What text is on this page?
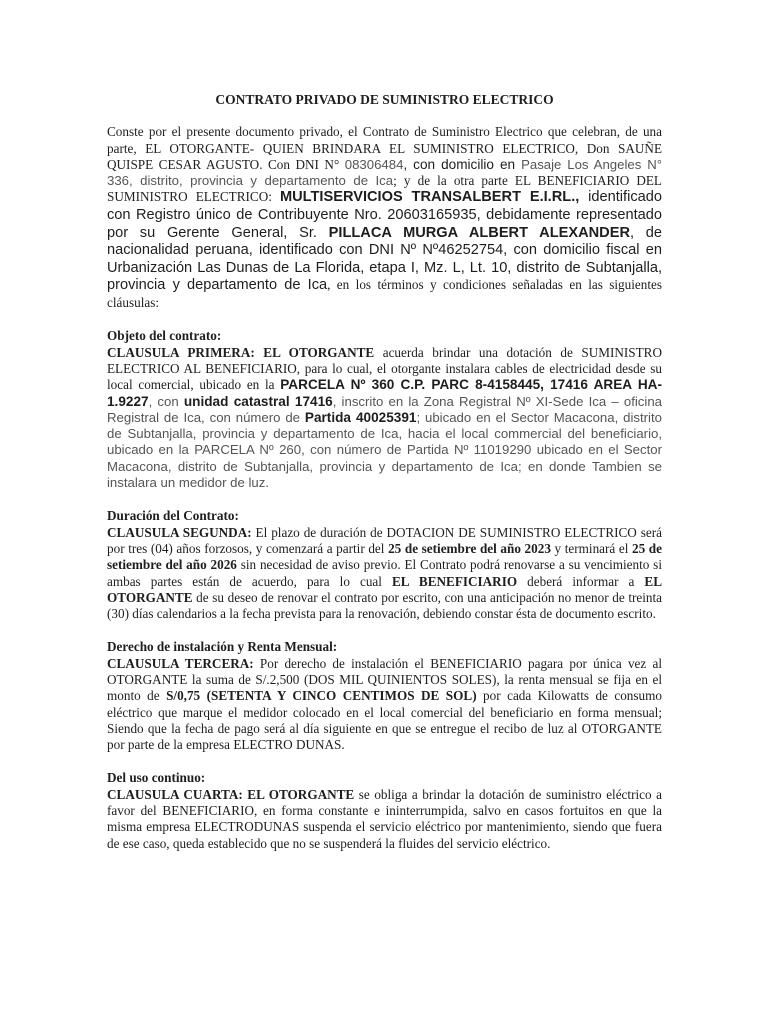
CONTRATO PRIVADO DE SUMINISTRO ELECTRICO

Conste por el presente documento privado, el Contrato de Suministro Electrico que celebran, de una parte, EL OTORGANTE- QUIEN BRINDARA EL SUMINISTRO ELECTRICO, Don SAUÑE QUISPE CESAR AGUSTO. Con DNI N° 08306484, con domicilio en Pasaje Los Angeles N° 336, distrito, provincia y departamento de Ica; y de la otra parte EL BENEFICIARIO DEL SUMINISTRO ELECTRICO: MULTISERVICIOS TRANSALBERT E.I.RL., identificado con Registro único de Contribuyente Nro. 20603165935, debidamente representado por su Gerente General, Sr. PILLACA MURGA ALBERT ALEXANDER, de nacionalidad peruana, identificado con DNI Nº Nº46252754, con domicilio fiscal en Urbanización Las Dunas de La Florida, etapa I, Mz. L, Lt. 10, distrito de Subtanjalla, provincia y departamento de Ica, en los términos y condiciones señaladas en las siguientes cláusulas:

Objeto del contrato:

CLAUSULA PRIMERA: EL OTORGANTE acuerda brindar una dotación de SUMINISTRO ELECTRICO AL BENEFICIARIO, para lo cual, el otorgante instalara cables de electricidad desde su local comercial, ubicado en la PARCELA Nº 360 C.P. PARC 8-4158445, 17416 AREA HA-1.9227, con unidad catastral 17416, inscrito en la Zona Registral Nº XI-Sede Ica – oficina Registral de Ica, con número de Partida 40025391; ubicado en el Sector Macacona, distrito de Subtanjalla, provincia y departamento de Ica, hacia el local commercial del beneficiario, ubicado en la PARCELA Nº 260, con número de Partida Nº 11019290 ubicado en el Sector Macacona, distrito de Subtanjalla, provincia y departamento de Ica; en donde Tambien se instalara un medidor de luz.

Duración del Contrato:

CLAUSULA SEGUNDA: El plazo de duración de DOTACION DE SUMINISTRO ELECTRICO será por tres (04) años forzosos, y comenzará a partir del 25 de setiembre del año 2023 y terminará el 25 de setiembre del año 2026 sin necesidad de aviso previo. El Contrato podrá renovarse a su vencimiento si ambas partes están de acuerdo, para lo cual EL BENEFICIARIO deberá informar a EL OTORGANTE de su deseo de renovar el contrato por escrito, con una anticipación no menor de treinta (30) días calendarios a la fecha prevista para la renovación, debiendo constar ésta de documento escrito.

Derecho de instalación y Renta Mensual:

CLAUSULA TERCERA: Por derecho de instalación el BENEFICIARIO pagara por única vez al OTORGANTE la suma de S/.2,500 (DOS MIL QUINIENTOS SOLES), la renta mensual se fija en el monto de S/0,75 (SETENTA Y CINCO CENTIMOS DE SOL) por cada Kilowatts de consumo eléctrico que marque el medidor colocado en el local comercial del beneficiario en forma mensual; Siendo que la fecha de pago será al día siguiente en que se entregue el recibo de luz al OTORGANTE por parte de la empresa ELECTRO DUNAS.

Del uso continuo:

CLAUSULA CUARTA: EL OTORGANTE se obliga a brindar la dotación de suministro eléctrico a favor del BENEFICIARIO, en forma constante e ininterrumpida, salvo en casos fortuitos en que la misma empresa ELECTRODUNAS suspenda el servicio eléctrico por mantenimiento, siendo que fuera de ese caso, queda establecido que no se suspenderá la fluides del servicio eléctrico.
